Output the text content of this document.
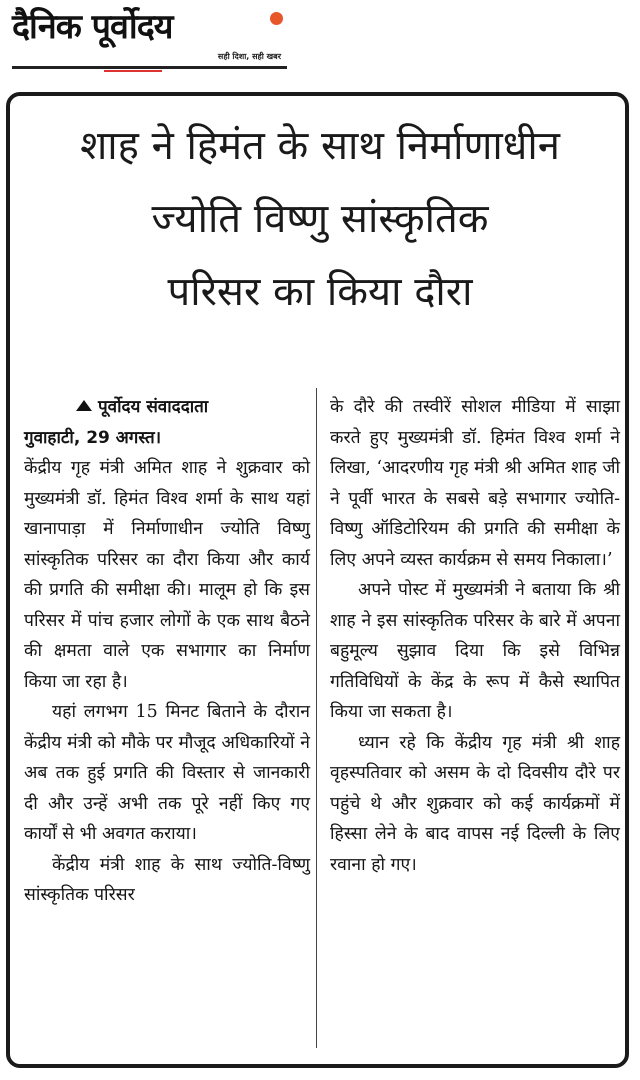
दैनिक पूर्वोदय
सही दिशा, सही खबर
शाह ने हिमंत के साथ निर्माणाधीन
ज्योति विष्णु सांस्कृतिक
परिसर का किया दौरा

पूर्वोदय संवाददाता

गुवाहाटी, 29 अगस्त।

केंद्रीय गृह मंत्री अमित शाह ने शुक्रवार को मुख्यमंत्री डॉ. हिमंत विश्व शर्मा के साथ यहां खानापाड़ा में निर्माणाधीन ज्योति विष्णु सांस्कृतिक परिसर का दौरा किया और कार्य की प्रगति की समीक्षा की। मालूम हो कि इस परिसर में पांच हजार लोगों के एक साथ बैठने की क्षमता वाले एक सभागार का निर्माण किया जा रहा है।

यहां लगभग 15 मिनट बिताने के दौरान केंद्रीय मंत्री को मौके पर मौजूद अधिकारियों ने अब तक हुई प्रगति की विस्तार से जानकारी दी और उन्हें अभी तक पूरे नहीं किए गए कार्यों से भी अवगत कराया।

केंद्रीय मंत्री शाह के साथ ज्योति-विष्णु सांस्कृतिक परिसर

के दौरे की तस्वीरें सोशल मीडिया में साझा करते हुए मुख्यमंत्री डॉ. हिमंत विश्व शर्मा ने लिखा, ‘आदरणीय गृह मंत्री श्री अमित शाह जी ने पूर्वी भारत के सबसे बड़े सभागार ज्योति-विष्णु ऑडिटोरियम की प्रगति की समीक्षा के लिए अपने व्यस्त कार्यक्रम से समय निकाला।’

अपने पोस्ट में मुख्यमंत्री ने बताया कि श्री शाह ने इस सांस्कृतिक परिसर के बारे में अपना बहुमूल्य सुझाव दिया कि इसे विभिन्न गतिविधियों के केंद्र के रूप में कैसे स्थापित किया जा सकता है।

ध्यान रहे कि केंद्रीय गृह मंत्री श्री शाह वृहस्पतिवार को असम के दो दिवसीय दौरे पर पहुंचे थे और शुक्रवार को कई कार्यक्रमों में हिस्सा लेने के बाद वापस नई दिल्ली के लिए रवाना हो गए।
